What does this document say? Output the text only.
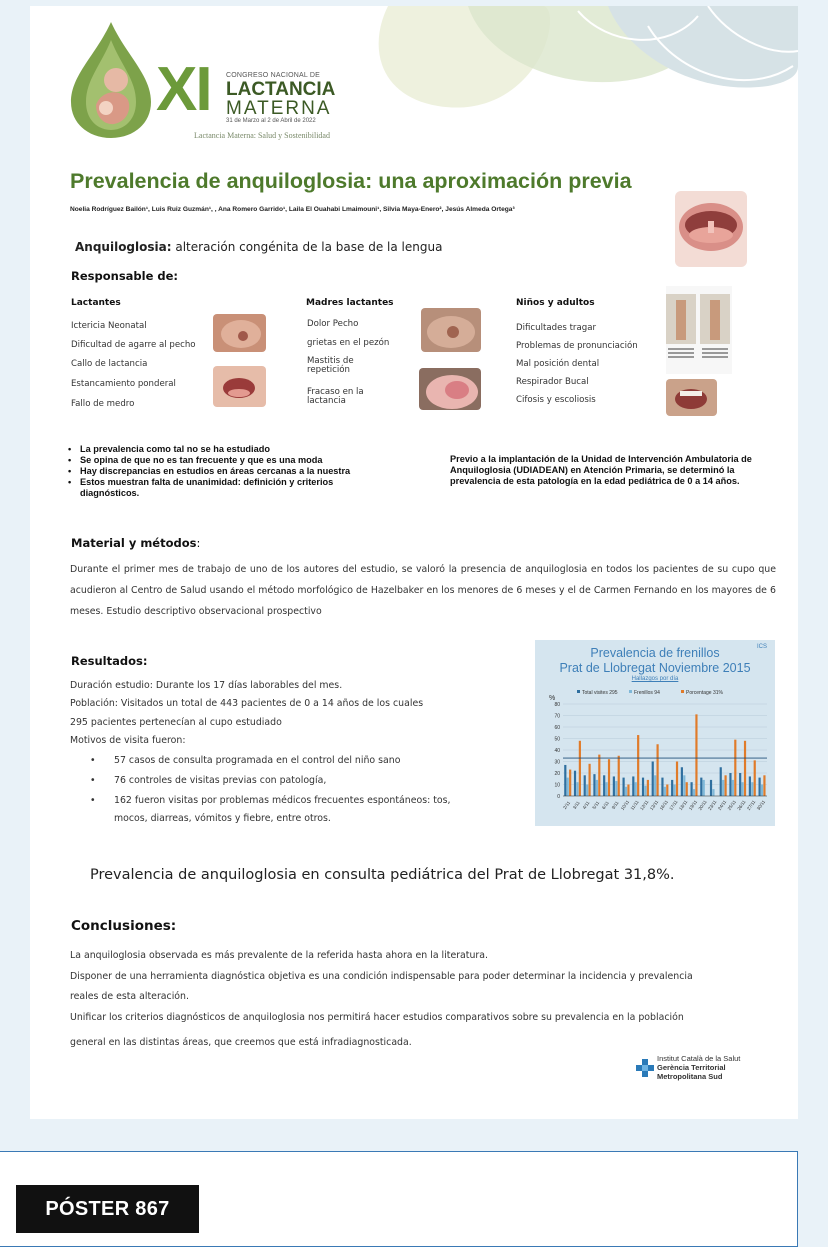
XI CONGRESO NACIONAL DE
LACTANCIA
MATERNA
31 de Marzo al 2 de Abril de 2022
Lactancia Materna: Salud y Sostenibilidad
Prevalencia de anquiloglosia: una aproximación previa
Noelia Rodríguez Bailón¹, Luis Ruiz Guzmán¹, , Ana Romero Garrido¹, Laila El Ouahabi Lmaimouni¹, Silvia Maya-Enero², Jesús Almeda Ortega³
Anquiloglosia: alteración congénita de la base de la lengua
Responsable de:
Lactantes
Ictericia Neonatal
Dificultad de agarre al pecho
Callo de lactancia
Estancamiento ponderal
Fallo de medro
Madres lactantes
Dolor Pecho
grietas en el pezón
Mastitis de repetición
Fracaso en la lactancia
Niños y adultos
Dificultades tragar
Problemas de pronunciación
Mal posición dental
Respirador Bucal
Cifosis y escoliosis
• La prevalencia como tal no se ha estudiado
• Se opina de que no es tan frecuente y que es una moda
• Hay discrepancias en estudios en áreas cercanas a la nuestra
• Estos muestran falta de unanimidad: definición y criterios diagnósticos.
Previo a la implantación de la Unidad de Intervención Ambulatoria de Anquiloglosia (UDIADEAN) en Atención Primaria, se determinó la prevalencia de esta patología en la edad pediátrica de 0 a 14 años.
Material y métodos:
Durante el primer mes de trabajo de uno de los autores del estudio, se valoró la presencia de anquiloglosia en todos los pacientes de su cupo que acudieron al Centro de Salud usando el método morfológico de Hazelbaker en los menores de 6 meses y el de Carmen Fernando en los mayores de 6 meses. Estudio descriptivo observacional prospectivo
Resultados:
Duración estudio: Durante los 17 días laborables del mes.
Población: Visitados un total de 443 pacientes de 0 a 14 años de los cuales
295 pacientes pertenecían al cupo estudiado
Motivos de visita fueron:
• 57 casos de consulta programada en el control del niño sano
• 76 controles de visitas previas con patología,
• 162 fueron visitas por problemas médicos frecuentes espontáneos: tos,
mocos, diarreas, vómitos y fiebre, entre otros.
Prevalencia de frenillos
Prat de Llobregat Noviembre 2015
Hallazgos por día
ICS
Total visites 295	Frenillos 94	Porcentage 31%
%
0
10
20
30
40
50
60
70
80
2/11 3/11 4/11 5/11 6/11 9/11 10/11 11/11 12/11 13/11 16/11 17/11 18/11 19/11 20/11 23/11 24/11 25/11 26/11 27/11 30/11
Prevalencia de anquiloglosia en consulta pediátrica del Prat de Llobregat 31,8%.
Conclusiones:
La anquiloglosia observada es más prevalente de la referida hasta ahora en la literatura.
Disponer de una herramienta diagnóstica objetiva es una condición indispensable para poder determinar la incidencia y prevalencia
reales de esta alteración.
Unificar los criterios diagnósticos de anquiloglosia nos permitirá hacer estudios comparativos sobre su prevalencia en la población
general en las distintas áreas, que creemos que está infradiagnosticada.
Institut Català de la Salut
Gerència Territorial
Metropolitana Sud
PÓSTER 867
